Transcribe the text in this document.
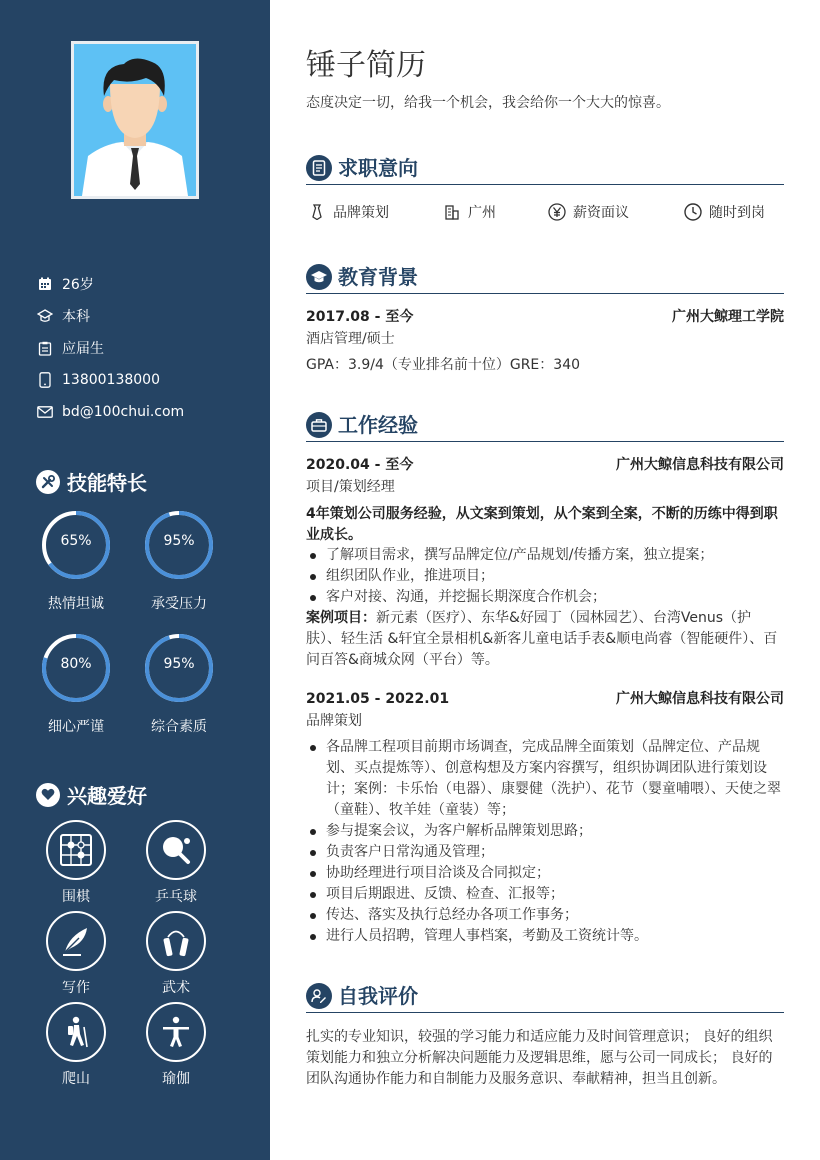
26岁
本科
应届生
13800138000
bd@100chui.com
技能特长
65%
热情坦诚
95%
承受压力
80%
细心严谨
95%
综合素质
兴趣爱好
围棋	乒乓球
写作	武术
爬山	瑜伽
锤子简历
态度决定一切，给我一个机会，我会给你一个大大的惊喜。
求职意向
品牌策划	广州	薪资面议	随时到岗
教育背景
2017.08 - 至今	广州大鲸理工学院
酒店管理/硕士
GPA：3.9/4（专业排名前十位）GRE：340
工作经验
2020.04 - 至今	广州大鲸信息科技有限公司
项目/策划经理
4年策划公司服务经验，从文案到策划，从个案到全案，不断的历练中得到职业成长。
了解项目需求，撰写品牌定位/产品规划/传播方案，独立提案；
组织团队作业，推进项目；
客户对接、沟通，并挖掘长期深度合作机会；
案例项目：新元素（医疗）、东华&好园丁（园林园艺）、台湾Venus（护肤）、轻生活 &轩宜全景相机&新客儿童电话手表&顺电尚睿（智能硬件）、百问百答&商城众网（平台）等。
2021.05 - 2022.01	广州大鲸信息科技有限公司
品牌策划
各品牌工程项目前期市场调查，完成品牌全面策划（品牌定位、产品规划、买点提炼等）、创意构想及方案内容撰写，组织协调团队进行策划设计；案例：卡乐怡（电器）、康婴健（洗护）、花节（婴童哺喂）、天使之翠（童鞋）、牧羊娃（童装）等；
参与提案会议，为客户解析品牌策划思路；
负责客户日常沟通及管理；
协助经理进行项目洽谈及合同拟定；
项目后期跟进、反馈、检查、汇报等；
传达、落实及执行总经办各项工作事务；
进行人员招聘，管理人事档案，考勤及工资统计等。
自我评价
扎实的专业知识，较强的学习能力和适应能力及时间管理意识； 良好的组织策划能力和独立分析解决问题能力及逻辑思维，愿与公司一同成长； 良好的团队沟通协作能力和自制能力及服务意识、奉献精神，担当且创新。
